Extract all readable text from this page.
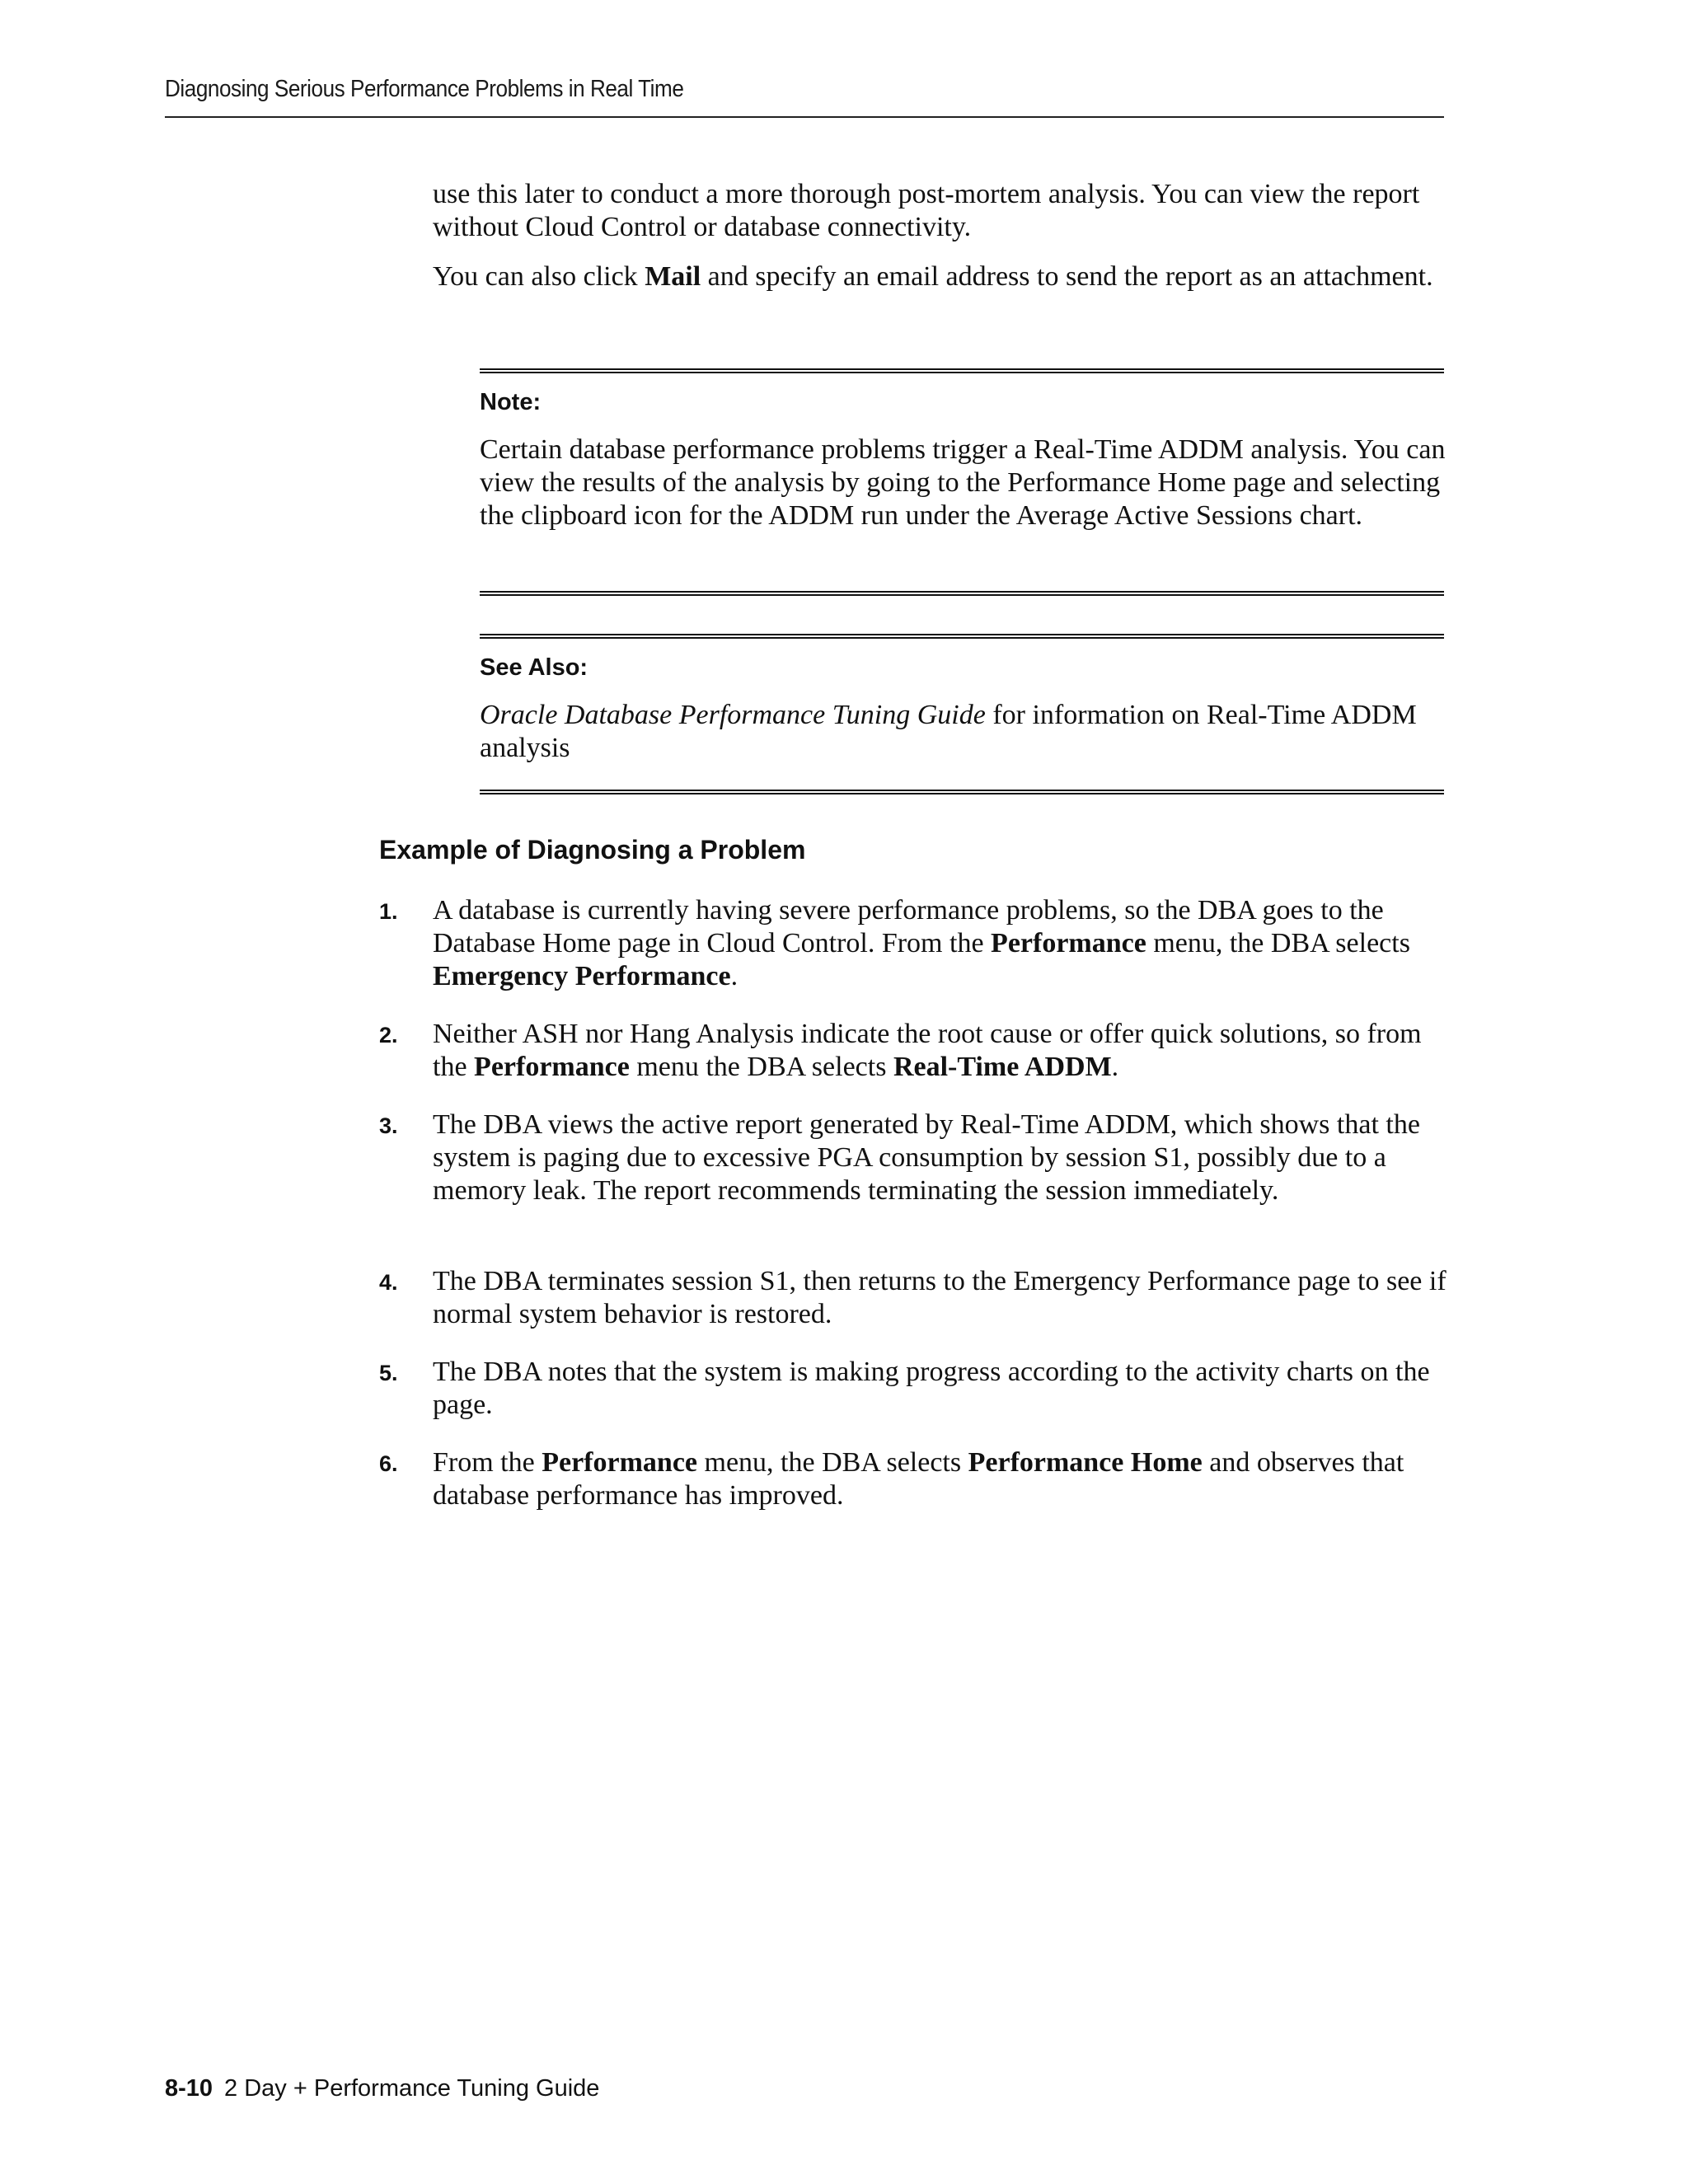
Diagnosing Serious Performance Problems in Real Time

use this later to conduct a more thorough post-mortem analysis. You can view the report without Cloud Control or database connectivity.

You can also click Mail and specify an email address to send the report as an attachment.

Note:

Certain database performance problems trigger a Real-Time ADDM analysis. You can view the results of the analysis by going to the Performance Home page and selecting the clipboard icon for the ADDM run under the Average Active Sessions chart.

See Also:

Oracle Database Performance Tuning Guide for information on Real-Time ADDM analysis

Example of Diagnosing a Problem

1. A database is currently having severe performance problems, so the DBA goes to the Database Home page in Cloud Control. From the Performance menu, the DBA selects Emergency Performance.

2. Neither ASH nor Hang Analysis indicate the root cause or offer quick solutions, so from the Performance menu the DBA selects Real-Time ADDM.

3. The DBA views the active report generated by Real-Time ADDM, which shows that the system is paging due to excessive PGA consumption by session S1, possibly due to a memory leak. The report recommends terminating the session immediately.

4. The DBA terminates session S1, then returns to the Emergency Performance page to see if normal system behavior is restored.

5. The DBA notes that the system is making progress according to the activity charts on the page.

6. From the Performance menu, the DBA selects Performance Home and observes that database performance has improved.

8-10 2 Day + Performance Tuning Guide
